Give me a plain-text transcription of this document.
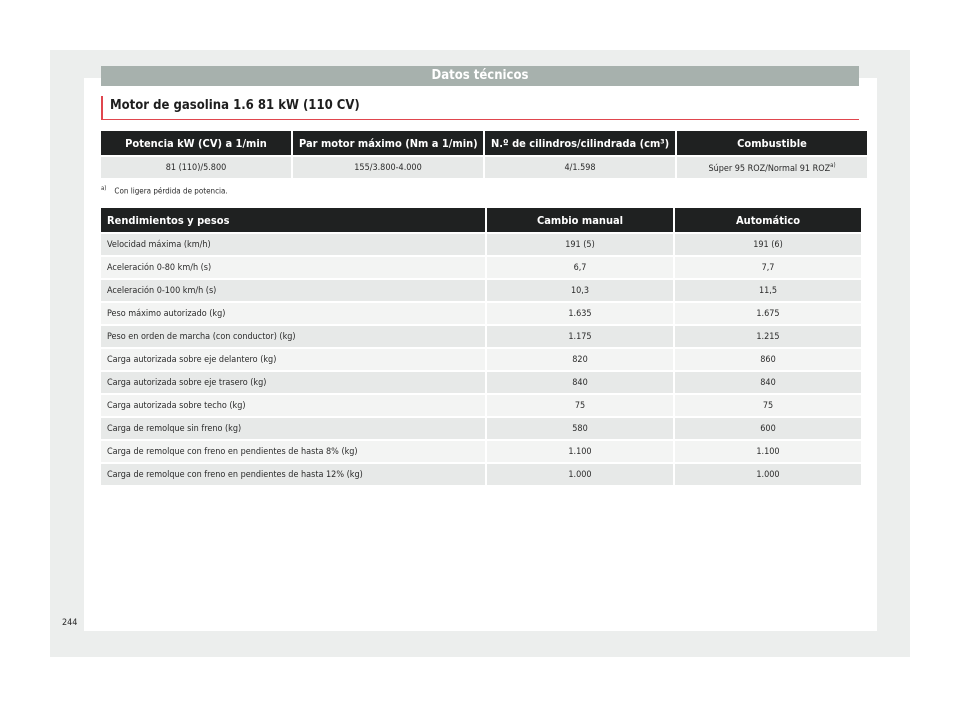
Datos técnicos
Motor de gasolina 1.6 81 kW (110 CV)
Potencia kW (CV) a 1/min	Par motor máximo (Nm a 1/min)	N.º de cilindros/cilindrada (cm³)	Combustible
81 (110)/5.800	155/3.800-4.000	4/1.598	Súper 95 ROZ/Normal 91 ROZ$^{a)}$
$^{a)}$ Con ligera pérdida de potencia.
Rendimientos y pesos	Cambio manual	Automático
Velocidad máxima (km/h)	191 (5)	191 (6)
Aceleración 0-80 km/h (s)	6,7	7,7
Aceleración 0-100 km/h (s)	10,3	11,5
Peso máximo autorizado (kg)	1.635	1.675
Peso en orden de marcha (con conductor) (kg)	1.175	1.215
Carga autorizada sobre eje delantero (kg)	820	860
Carga autorizada sobre eje trasero (kg)	840	840
Carga autorizada sobre techo (kg)	75	75
Carga de remolque sin freno (kg)	580	600
Carga de remolque con freno en pendientes de hasta 8% (kg)	1.100	1.100
Carga de remolque con freno en pendientes de hasta 12% (kg)	1.000	1.000
244
